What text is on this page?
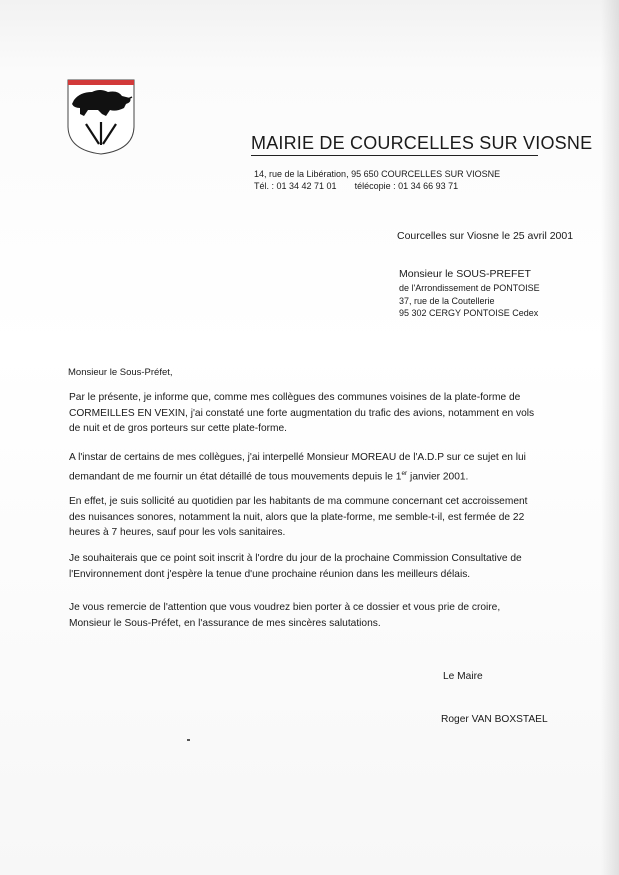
MAIRIE DE COURCELLES SUR VIOSNE
14, rue de la Libération, 95 650 COURCELLES SUR VIOSNE
Tél. : 01 34 42 71 01 télécopie : 01 34 66 93 71
Courcelles sur Viosne le 25 avril 2001
Monsieur le SOUS-PREFET
de l'Arrondissement de PONTOISE
37, rue de la Coutellerie
95 302 CERGY PONTOISE Cedex
Monsieur le Sous-Préfet,

Par le présente, je informe que, comme mes collègues des communes voisines de la plate-forme de

CORMEILLES EN VEXIN, j'ai constaté une forte augmentation du trafic des avions, notamment en vols

de nuit et de gros porteurs sur cette plate-forme.

A l'instar de certains de mes collègues, j'ai interpellé Monsieur MOREAU de l'A.D.P sur ce sujet en lui

demandant de me fournir un état détaillé de tous mouvements depuis le 1er janvier 2001.

En effet, je suis sollicité au quotidien par les habitants de ma commune concernant cet accroissement

des nuisances sonores, notamment la nuit, alors que la plate-forme, me semble-t-il, est fermée de 22

heures à 7 heures, sauf pour les vols sanitaires.

Je souhaiterais que ce point soit inscrit à l'ordre du jour de la prochaine Commission Consultative de

l'Environnement dont j'espère la tenue d'une prochaine réunion dans les meilleurs délais.

Je vous remercie de l'attention que vous voudrez bien porter à ce dossier et vous prie de croire,

Monsieur le Sous-Préfet, en l'assurance de mes sincères salutations.

Le Maire
Roger VAN BOXSTAEL
